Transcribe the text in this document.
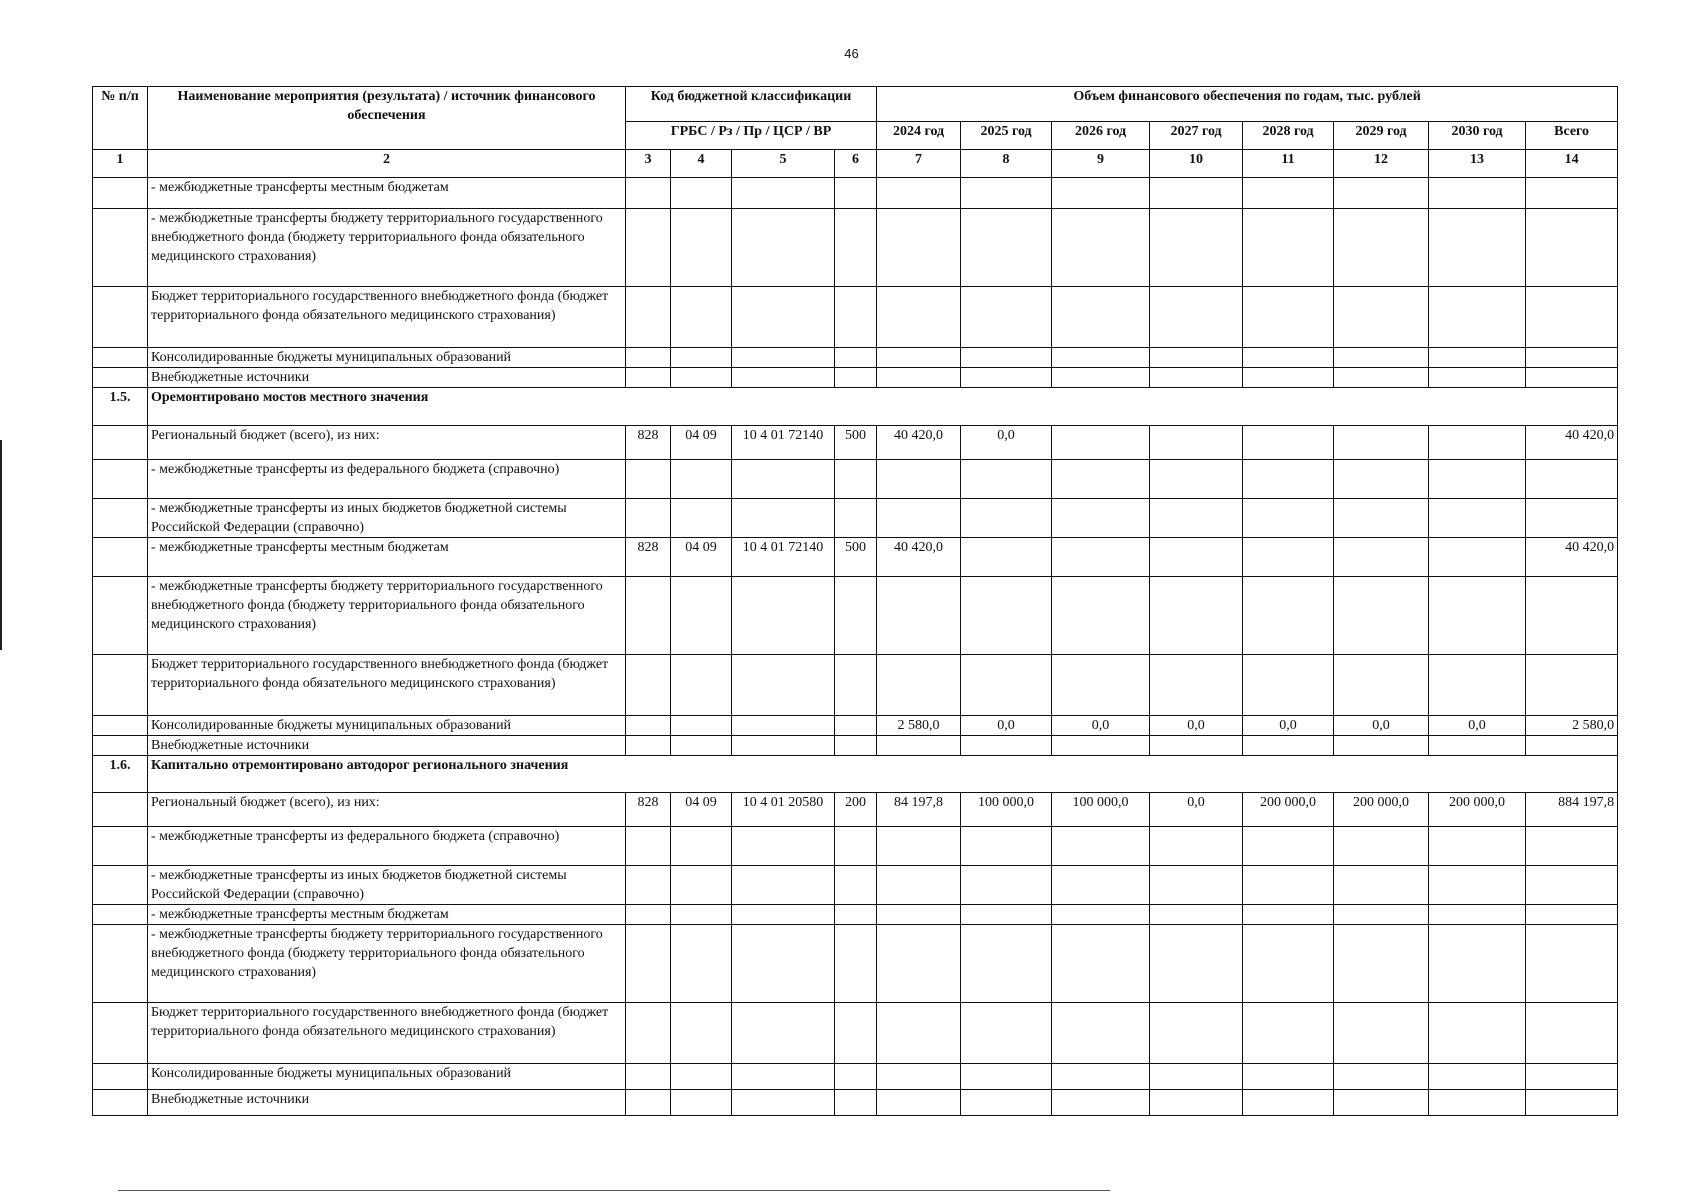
46
№ п/п	Наименование мероприятия (результата) / источник финансового обеспечения	Код бюджетной классификации				Объем финансового обеспечения по годам, тыс. рублей							
		ГРБС / Рз / Пр / ЦСР / ВР				2024 год	2025 год	2026 год	2027 год	2028 год	2029 год	2030 год	Всего
1	2	3	4	5	6	7	8	9	10	11	12	13	14
	- межбюджетные трансферты местным бюджетам												
	- межбюджетные трансферты бюджету территориального государственного внебюджетного фонда (бюджету территориального фонда обязательного медицинского страхования)												
	Бюджет территориального государственного внебюджетного фонда (бюджет территориального фонда обязательного медицинского страхования)												
	Консолидированные бюджеты муниципальных образований												
	Внебюджетные источники												
1.5.	Оремонтировано мостов местного значения												
	Региональный бюджет (всего), из них:	828	04 09	10 4 01 72140	500	40 420,0	0,0						40 420,0
	- межбюджетные трансферты из федерального бюджета (справочно)												
	- межбюджетные трансферты из иных бюджетов бюджетной системы Российской Федерации (справочно)												
	- межбюджетные трансферты местным бюджетам	828	04 09	10 4 01 72140	500	40 420,0							40 420,0
	- межбюджетные трансферты бюджету территориального государственного внебюджетного фонда (бюджету территориального фонда обязательного медицинского страхования)												
	Бюджет территориального государственного внебюджетного фонда (бюджет территориального фонда обязательного медицинского страхования)												
	Консолидированные бюджеты муниципальных образований					2 580,0	0,0	0,0	0,0	0,0	0,0	0,0	2 580,0
	Внебюджетные источники												
1.6.	Капитально отремонтировано автодорог регионального значения												
	Региональный бюджет (всего), из них:	828	04 09	10 4 01 20580	200	84 197,8	100 000,0	100 000,0	0,0	200 000,0	200 000,0	200 000,0	884 197,8
	- межбюджетные трансферты из федерального бюджета (справочно)												
	- межбюджетные трансферты из иных бюджетов бюджетной системы Российской Федерации (справочно)												
	- межбюджетные трансферты местным бюджетам												
	- межбюджетные трансферты бюджету территориального государственного внебюджетного фонда (бюджету территориального фонда обязательного медицинского страхования)												
	Бюджет территориального государственного внебюджетного фонда (бюджет территориального фонда обязательного медицинского страхования)												
	Консолидированные бюджеты муниципальных образований												
	Внебюджетные источники												
